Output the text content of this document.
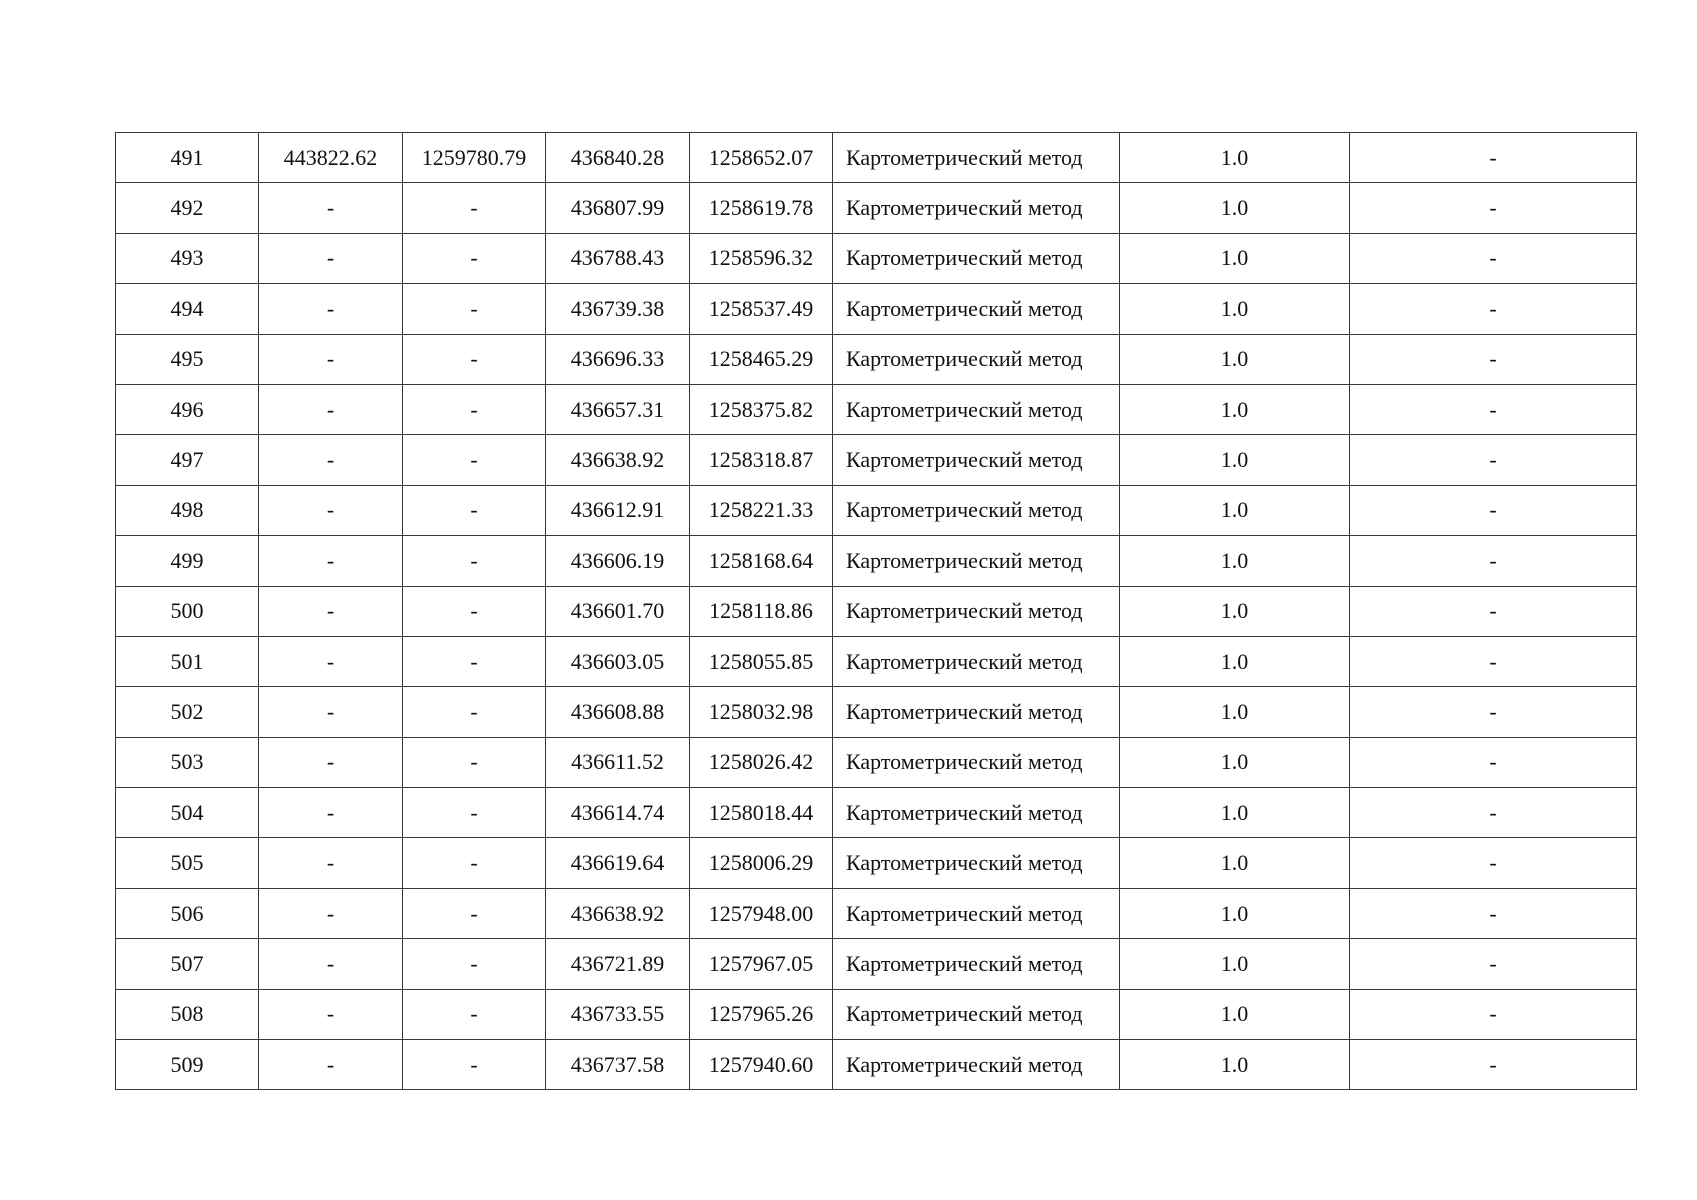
491	443822.62	1259780.79	436840.28	1258652.07	Картометрический метод	1.0	-
492	-	-	436807.99	1258619.78	Картометрический метод	1.0	-
493	-	-	436788.43	1258596.32	Картометрический метод	1.0	-
494	-	-	436739.38	1258537.49	Картометрический метод	1.0	-
495	-	-	436696.33	1258465.29	Картометрический метод	1.0	-
496	-	-	436657.31	1258375.82	Картометрический метод	1.0	-
497	-	-	436638.92	1258318.87	Картометрический метод	1.0	-
498	-	-	436612.91	1258221.33	Картометрический метод	1.0	-
499	-	-	436606.19	1258168.64	Картометрический метод	1.0	-
500	-	-	436601.70	1258118.86	Картометрический метод	1.0	-
501	-	-	436603.05	1258055.85	Картометрический метод	1.0	-
502	-	-	436608.88	1258032.98	Картометрический метод	1.0	-
503	-	-	436611.52	1258026.42	Картометрический метод	1.0	-
504	-	-	436614.74	1258018.44	Картометрический метод	1.0	-
505	-	-	436619.64	1258006.29	Картометрический метод	1.0	-
506	-	-	436638.92	1257948.00	Картометрический метод	1.0	-
507	-	-	436721.89	1257967.05	Картометрический метод	1.0	-
508	-	-	436733.55	1257965.26	Картометрический метод	1.0	-
509	-	-	436737.58	1257940.60	Картометрический метод	1.0	-
